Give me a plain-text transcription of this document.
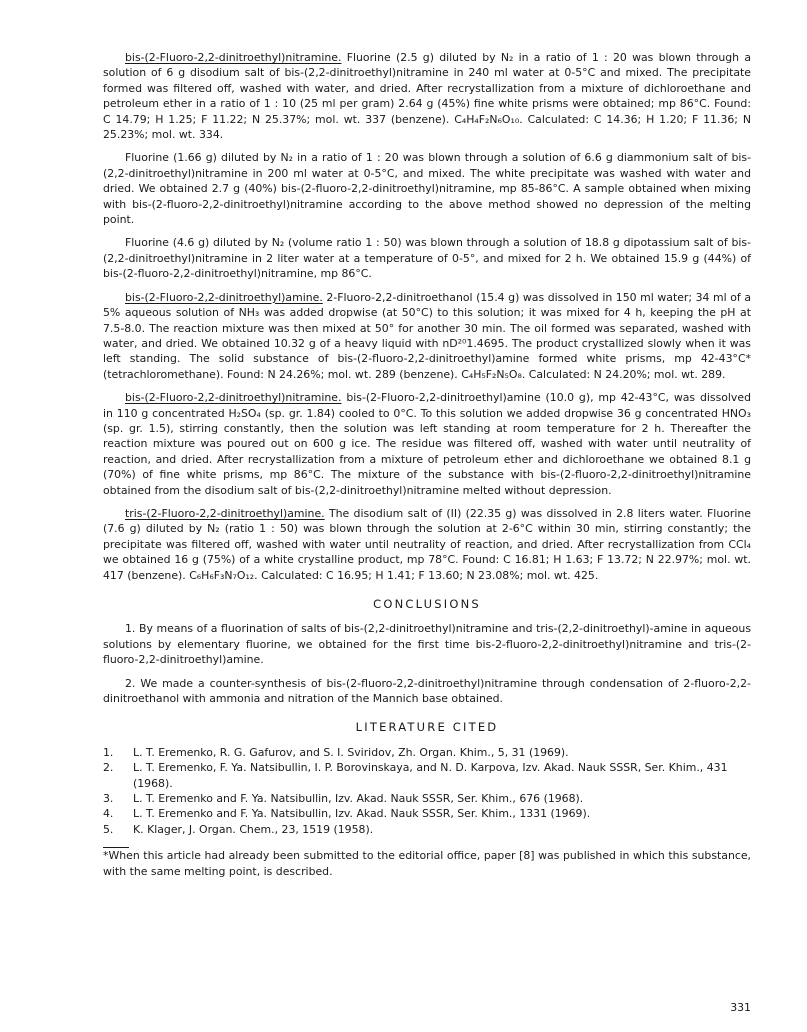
bis-(2-Fluoro-2,2-dinitroethyl)nitramine. Fluorine (2.5 g) diluted by N₂ in a ratio of 1 : 20 was blown through a solution of 6 g disodium salt of bis-(2,2-dinitroethyl)nitramine in 240 ml water at 0-5°C and mixed. The precipitate formed was filtered off, washed with water, and dried. After recrystallization from a mixture of dichloroethane and petroleum ether in a ratio of 1 : 10 (25 ml per gram) 2.64 g (45%) fine white prisms were obtained; mp 86°C. Found: C 14.79; H 1.25; F 11.22; N 25.37%; mol. wt. 337 (benzene). C₄H₄F₂N₆O₁₀. Calculated: C 14.36; H 1.20; F 11.36; N 25.23%; mol. wt. 334.

Fluorine (1.66 g) diluted by N₂ in a ratio of 1 : 20 was blown through a solution of 6.6 g diammonium salt of bis-(2,2-dinitroethyl)nitramine in 200 ml water at 0-5°C, and mixed. The white precipitate was washed with water and dried. We obtained 2.7 g (40%) bis-(2-fluoro-2,2-dinitroethyl)nitramine, mp 85-86°C. A sample obtained when mixing with bis-(2-fluoro-2,2-dinitroethyl)nitramine according to the above method showed no depression of the melting point.

Fluorine (4.6 g) diluted by N₂ (volume ratio 1 : 50) was blown through a solution of 18.8 g dipotassium salt of bis-(2,2-dinitroethyl)nitramine in 2 liter water at a temperature of 0-5°, and mixed for 2 h. We obtained 15.9 g (44%) of bis-(2-fluoro-2,2-dinitroethyl)nitramine, mp 86°C.

bis-(2-Fluoro-2,2-dinitroethyl)amine. 2-Fluoro-2,2-dinitroethanol (15.4 g) was dissolved in 150 ml water; 34 ml of a 5% aqueous solution of NH₃ was added dropwise (at 50°C) to this solution; it was mixed for 4 h, keeping the pH at 7.5-8.0. The reaction mixture was then mixed at 50° for another 30 min. The oil formed was separated, washed with water, and dried. We obtained 10.32 g of a heavy liquid with nD²⁰1.4695. The product crystallized slowly when it was left standing. The solid substance of bis-(2-fluoro-2,2-dinitroethyl)amine formed white prisms, mp 42-43°C* (tetrachloromethane). Found: N 24.26%; mol. wt. 289 (benzene). C₄H₅F₂N₅O₈. Calculated: N 24.20%; mol. wt. 289.

bis-(2-Fluoro-2,2-dinitroethyl)nitramine. bis-(2-Fluoro-2,2-dinitroethyl)amine (10.0 g), mp 42-43°C, was dissolved in 110 g concentrated H₂SO₄ (sp. gr. 1.84) cooled to 0°C. To this solution we added dropwise 36 g concentrated HNO₃ (sp. gr. 1.5), stirring constantly, then the solution was left standing at room temperature for 2 h. Thereafter the reaction mixture was poured out on 600 g ice. The residue was filtered off, washed with water until neutrality of reaction, and dried. After recrystallization from a mixture of petroleum ether and dichloroethane we obtained 8.1 g (70%) of fine white prisms, mp 86°C. The mixture of the substance with bis-(2-fluoro-2,2-dinitroethyl)nitramine obtained from the disodium salt of bis-(2,2-dinitroethyl)nitramine melted without depression.

tris-(2-Fluoro-2,2-dinitroethyl)amine. The disodium salt of (II) (22.35 g) was dissolved in 2.8 liters water. Fluorine (7.6 g) diluted by N₂ (ratio 1 : 50) was blown through the solution at 2-6°C within 30 min, stirring constantly; the precipitate was filtered off, washed with water until neutrality of reaction, and dried. After recrystallization from CCl₄ we obtained 16 g (75%) of a white crystalline product, mp 78°C. Found: C 16.81; H 1.63; F 13.72; N 22.97%; mol. wt. 417 (benzene). C₆H₆F₃N₇O₁₂. Calculated: C 16.95; H 1.41; F 13.60; N 23.08%; mol. wt. 425.

CONCLUSIONS

1. By means of a fluorination of salts of bis-(2,2-dinitroethyl)nitramine and tris-(2,2-dinitroethyl)-amine in aqueous solutions by elementary fluorine, we obtained for the first time bis-2-fluoro-2,2-dinitroethyl)nitramine and tris-(2-fluoro-2,2-dinitroethyl)amine.

2. We made a counter-synthesis of bis-(2-fluoro-2,2-dinitroethyl)nitramine through condensation of 2-fluoro-2,2-dinitroethanol with ammonia and nitration of the Mannich base obtained.

LITERATURE CITED
1.	L. T. Eremenko, R. G. Gafurov, and S. I. Sviridov, Zh. Organ. Khim., 5, 31 (1969).
2.	L. T. Eremenko, F. Ya. Natsibullin, I. P. Borovinskaya, and N. D. Karpova, Izv. Akad. Nauk SSSR, Ser. Khim., 431 (1968).
3.	L. T. Eremenko and F. Ya. Natsibullin, Izv. Akad. Nauk SSSR, Ser. Khim., 676 (1968).
4.	L. T. Eremenko and F. Ya. Natsibullin, Izv. Akad. Nauk SSSR, Ser. Khim., 1331 (1969).
5.	K. Klager, J. Organ. Chem., 23, 1519 (1958).

*When this article had already been submitted to the editorial office, paper [8] was published in which this substance, with the same melting point, is described.

331
